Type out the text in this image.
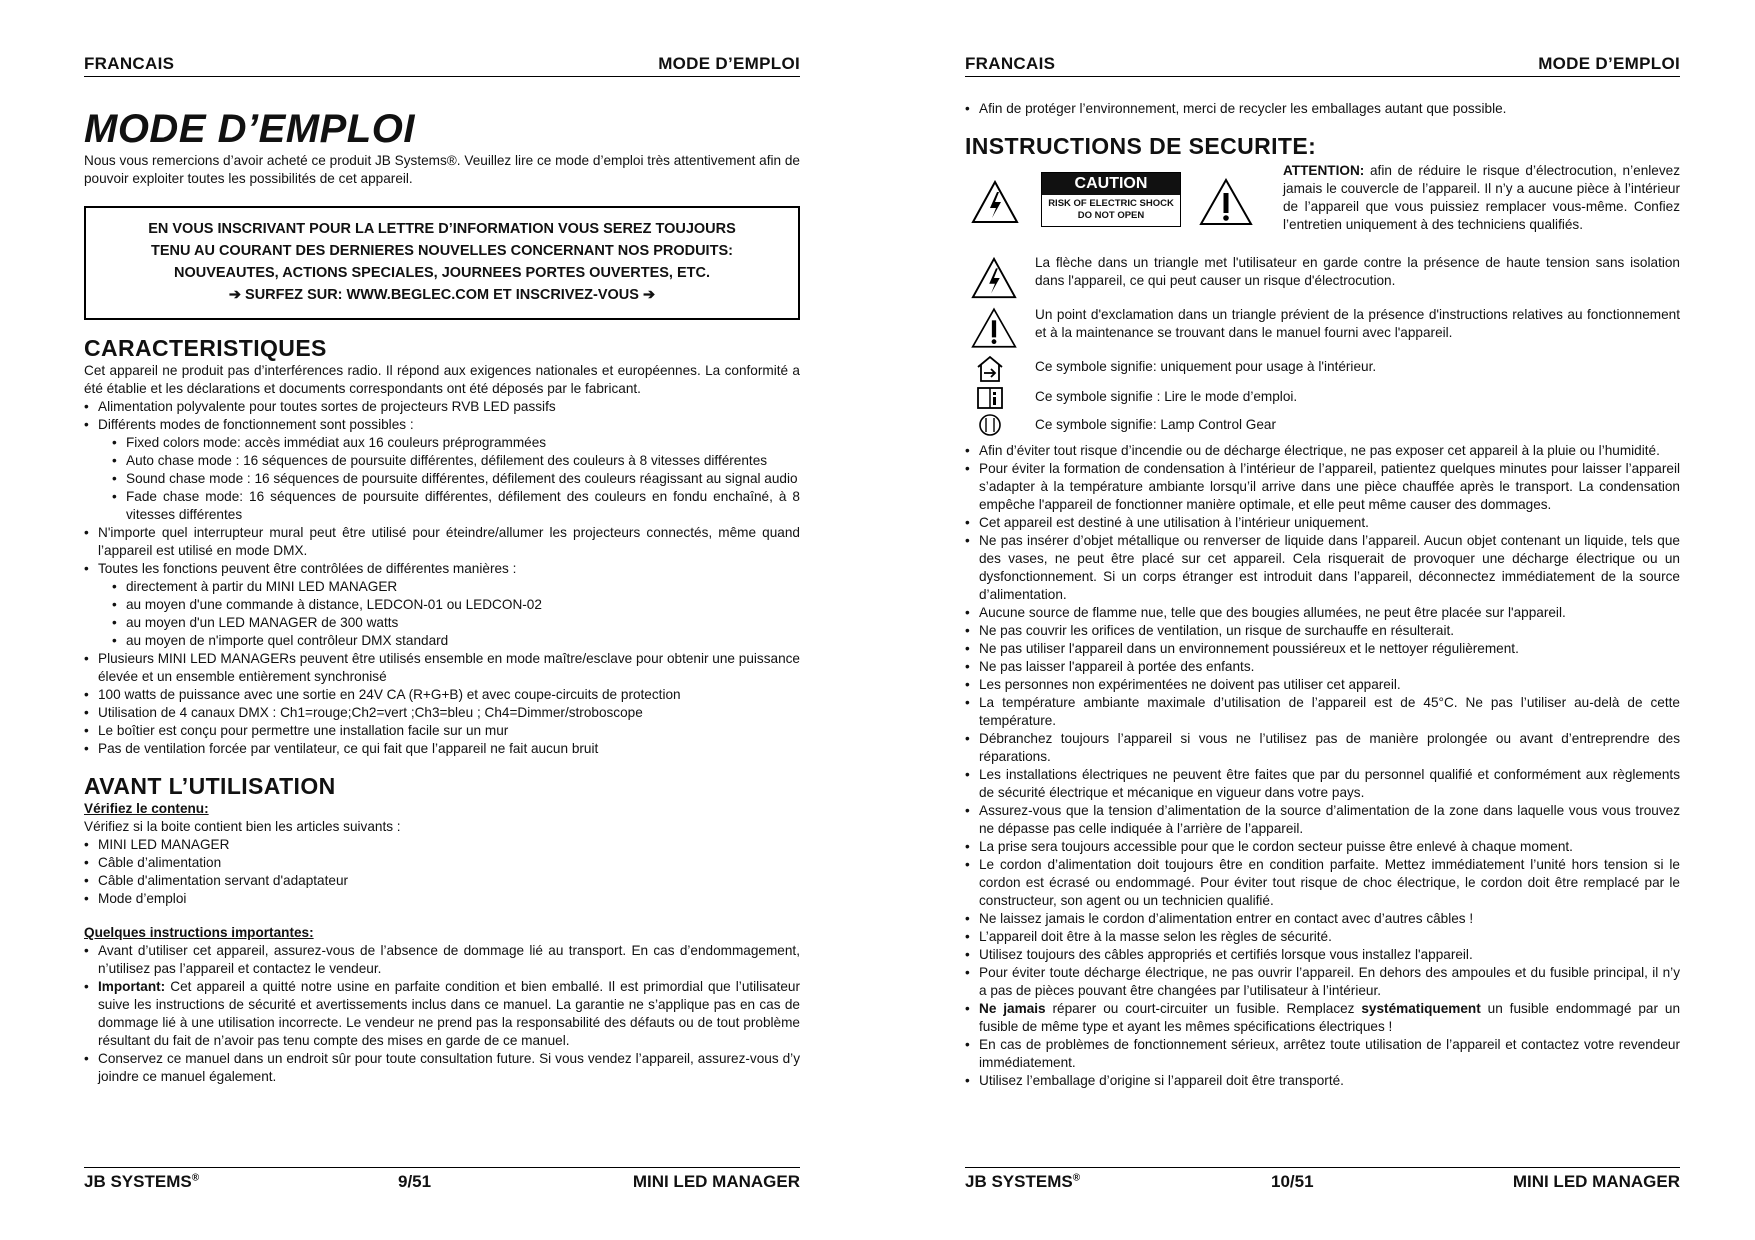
FRANCAIS	MODE D’EMPLOI
MODE D’EMPLOI

Nous vous remercions d’avoir acheté ce produit JB Systems®. Veuillez lire ce mode d’emploi très attentivement afin de pouvoir exploiter toutes les possibilités de cet appareil.

EN VOUS INSCRIVANT POUR LA LETTRE D’INFORMATION VOUS SEREZ TOUJOURS
TENU AU COURANT DES DERNIERES NOUVELLES CONCERNANT NOS PRODUITS:
NOUVEAUTES, ACTIONS SPECIALES, JOURNEES PORTES OUVERTES, ETC.
➔ SURFEZ SUR: WWW.BEGLEC.COM ET INSCRIVEZ-VOUS ➔
CARACTERISTIQUES

Cet appareil ne produit pas d’interférences radio. Il répond aux exigences nationales et européennes. La conformité a été établie et les déclarations et documents correspondants ont été déposés par le fabricant.

• Alimentation polyvalente pour toutes sortes de projecteurs RVB LED passifs
• Différents modes de fonctionnement sont possibles :
• Fixed colors mode: accès immédiat aux 16 couleurs préprogrammées
• Auto chase mode : 16 séquences de poursuite différentes, défilement des couleurs à 8 vitesses différentes
• Sound chase mode : 16 séquences de poursuite différentes, défilement des couleurs réagissant au signal audio
• Fade chase mode: 16 séquences de poursuite différentes, défilement des couleurs en fondu enchaîné, à 8 vitesses différentes
• N'importe quel interrupteur mural peut être utilisé pour éteindre/allumer les projecteurs connectés, même quand l’appareil est utilisé en mode DMX.
• Toutes les fonctions peuvent être contrôlées de différentes manières :
• directement à partir du MINI LED MANAGER
• au moyen d'une commande à distance, LEDCON-01 ou LEDCON-02
• au moyen d'un LED MANAGER de 300 watts
• au moyen de n'importe quel contrôleur DMX standard
• Plusieurs MINI LED MANAGERs peuvent être utilisés ensemble en mode maître/esclave pour obtenir une puissance élevée et un ensemble entièrement synchronisé
• 100 watts de puissance avec une sortie en 24V CA (R+G+B) et avec coupe-circuits de protection
• Utilisation de 4 canaux DMX : Ch1=rouge;Ch2=vert ;Ch3=bleu ; Ch4=Dimmer/stroboscope
• Le boîtier est conçu pour permettre une installation facile sur un mur
• Pas de ventilation forcée par ventilateur, ce qui fait que l’appareil ne fait aucun bruit
AVANT L’UTILISATION
Vérifiez le contenu:

Vérifiez si la boite contient bien les articles suivants :

• MINI LED MANAGER
• Câble d’alimentation
• Câble d'alimentation servant d'adaptateur
• Mode d’emploi
Quelques instructions importantes:
• Avant d’utiliser cet appareil, assurez-vous de l’absence de dommage lié au transport. En cas d’endommagement, n’utilisez pas l’appareil et contactez le vendeur.
• Important: Cet appareil a quitté notre usine en parfaite condition et bien emballé. Il est primordial que l’utilisateur suive les instructions de sécurité et avertissements inclus dans ce manuel. La garantie ne s’applique pas en cas de dommage lié à une utilisation incorrecte. Le vendeur ne prend pas la responsabilité des défauts ou de tout problème résultant du fait de n’avoir pas tenu compte des mises en garde de ce manuel.
• Conservez ce manuel dans un endroit sûr pour toute consultation future. Si vous vendez l’appareil, assurez-vous d’y joindre ce manuel également.
JB SYSTEMS®	9/51	MINI LED MANAGER
FRANCAIS	MODE D’EMPLOI
• Afin de protéger l’environnement, merci de recycler les emballages autant que possible.
INSTRUCTIONS DE SECURITE:
CAUTION
RISK OF ELECTRIC SHOCK
DO NOT OPEN

ATTENTION: afin de réduire le risque d’électrocution, n’enlevez jamais le couvercle de l’appareil. Il n’y a aucune pièce à l’intérieur de l’appareil que vous puissiez remplacer vous-même. Confiez l’entretien uniquement à des techniciens qualifiés.

La flèche dans un triangle met l'utilisateur en garde contre la présence de haute tension sans isolation dans l'appareil, ce qui peut causer un risque d'électrocution.

Un point d'exclamation dans un triangle prévient de la présence d'instructions relatives au fonctionnement et à la maintenance se trouvant dans le manuel fourni avec l'appareil.

Ce symbole signifie: uniquement pour usage à l'intérieur.

Ce symbole signifie : Lire le mode d’emploi.

Ce symbole signifie: Lamp Control Gear

• Afin d’éviter tout risque d’incendie ou de décharge électrique, ne pas exposer cet appareil à la pluie ou l’humidité.
• Pour éviter la formation de condensation à l’intérieur de l’appareil, patientez quelques minutes pour laisser l’appareil s’adapter à la température ambiante lorsqu’il arrive dans une pièce chauffée après le transport. La condensation empêche l'appareil de fonctionner manière optimale, et elle peut même causer des dommages.
• Cet appareil est destiné à une utilisation à l’intérieur uniquement.
• Ne pas insérer d’objet métallique ou renverser de liquide dans l’appareil. Aucun objet contenant un liquide, tels que des vases, ne peut être placé sur cet appareil. Cela risquerait de provoquer une décharge électrique ou un dysfonctionnement. Si un corps étranger est introduit dans l’appareil, déconnectez immédiatement de la source d’alimentation.
• Aucune source de flamme nue, telle que des bougies allumées, ne peut être placée sur l'appareil.
• Ne pas couvrir les orifices de ventilation, un risque de surchauffe en résulterait.
• Ne pas utiliser l'appareil dans un environnement poussiéreux et le nettoyer régulièrement.
• Ne pas laisser l'appareil à portée des enfants.
• Les personnes non expérimentées ne doivent pas utiliser cet appareil.
• La température ambiante maximale d’utilisation de l’appareil est de 45°C. Ne pas l’utiliser au-delà de cette température.
• Débranchez toujours l’appareil si vous ne l’utilisez pas de manière prolongée ou avant d’entreprendre des réparations.
• Les installations électriques ne peuvent être faites que par du personnel qualifié et conformément aux règlements de sécurité électrique et mécanique en vigueur dans votre pays.
• Assurez-vous que la tension d’alimentation de la source d’alimentation de la zone dans laquelle vous vous trouvez ne dépasse pas celle indiquée à l’arrière de l’appareil.
• La prise sera toujours accessible pour que le cordon secteur puisse être enlevé à chaque moment.
• Le cordon d’alimentation doit toujours être en condition parfaite. Mettez immédiatement l’unité hors tension si le cordon est écrasé ou endommagé. Pour éviter tout risque de choc électrique, le cordon doit être remplacé par le constructeur, son agent ou un technicien qualifié.
• Ne laissez jamais le cordon d’alimentation entrer en contact avec d’autres câbles !
• L’appareil doit être à la masse selon les règles de sécurité.
• Utilisez toujours des câbles appropriés et certifiés lorsque vous installez l'appareil.
• Pour éviter toute décharge électrique, ne pas ouvrir l’appareil. En dehors des ampoules et du fusible principal, il n’y a pas de pièces pouvant être changées par l’utilisateur à l’intérieur.
• Ne jamais réparer ou court-circuiter un fusible. Remplacez systématiquement un fusible endommagé par un fusible de même type et ayant les mêmes spécifications électriques !
• En cas de problèmes de fonctionnement sérieux, arrêtez toute utilisation de l’appareil et contactez votre revendeur immédiatement.
• Utilisez l’emballage d’origine si l’appareil doit être transporté.
JB SYSTEMS®	10/51	MINI LED MANAGER
